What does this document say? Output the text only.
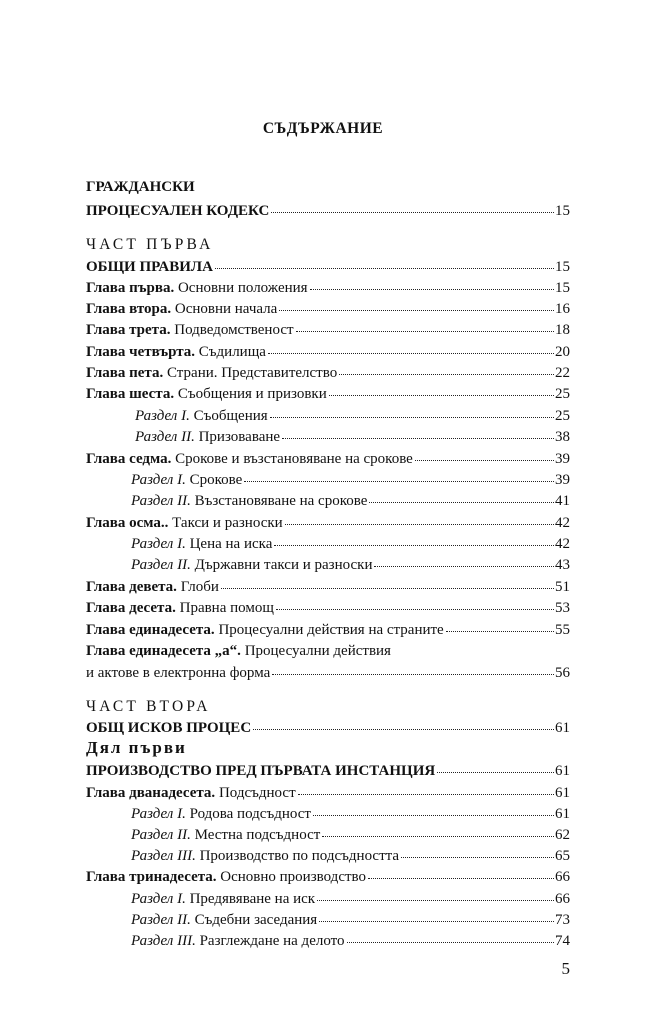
СЪДЪРЖАНИЕ
ГРАЖДАНСКИ
ПРОЦЕСУАЛЕН КОДЕКС	15
ЧАСТ ПЪРВА
ОБЩИ ПРАВИЛА	15
Глава първа. Основни положения	15
Глава втора. Основни начала	16
Глава трета. Подведомственост	18
Глава четвърта. Съдилища	20
Глава пета. Страни. Представителство	22
Глава шеста. Съобщения и призовки	25
Раздел I. Съобщения	25
Раздел II. Призоваване	38
Глава седма. Срокове и възстановяване на срокове	39
Раздел I. Срокове	39
Раздел II. Възстановяване на срокове	41
Глава осма.. Такси и разноски	42
Раздел I. Цена на иска	42
Раздел II. Държавни такси и разноски	43
Глава девета. Глоби	51
Глава десета. Правна помощ	53
Глава единадесета. Процесуални действия на страните	55
Глава единадесета „а“. Процесуални действия
и актове в електронна форма	56
ЧАСТ ВТОРА
ОБЩ ИСКОВ ПРОЦЕС	61
Дял първи
ПРОИЗВОДСТВО ПРЕД ПЪРВАТА ИНСТАНЦИЯ	61
Глава дванадесета. Подсъдност	61
Раздел I. Родова подсъдност	61
Раздел II. Местна подсъдност	62
Раздел III. Производство по подсъдността	65
Глава тринадесета. Основно производство	66
Раздел I. Предявяване на иск	66
Раздел II. Съдебни заседания	73
Раздел III. Разглеждане на делото	74
5
